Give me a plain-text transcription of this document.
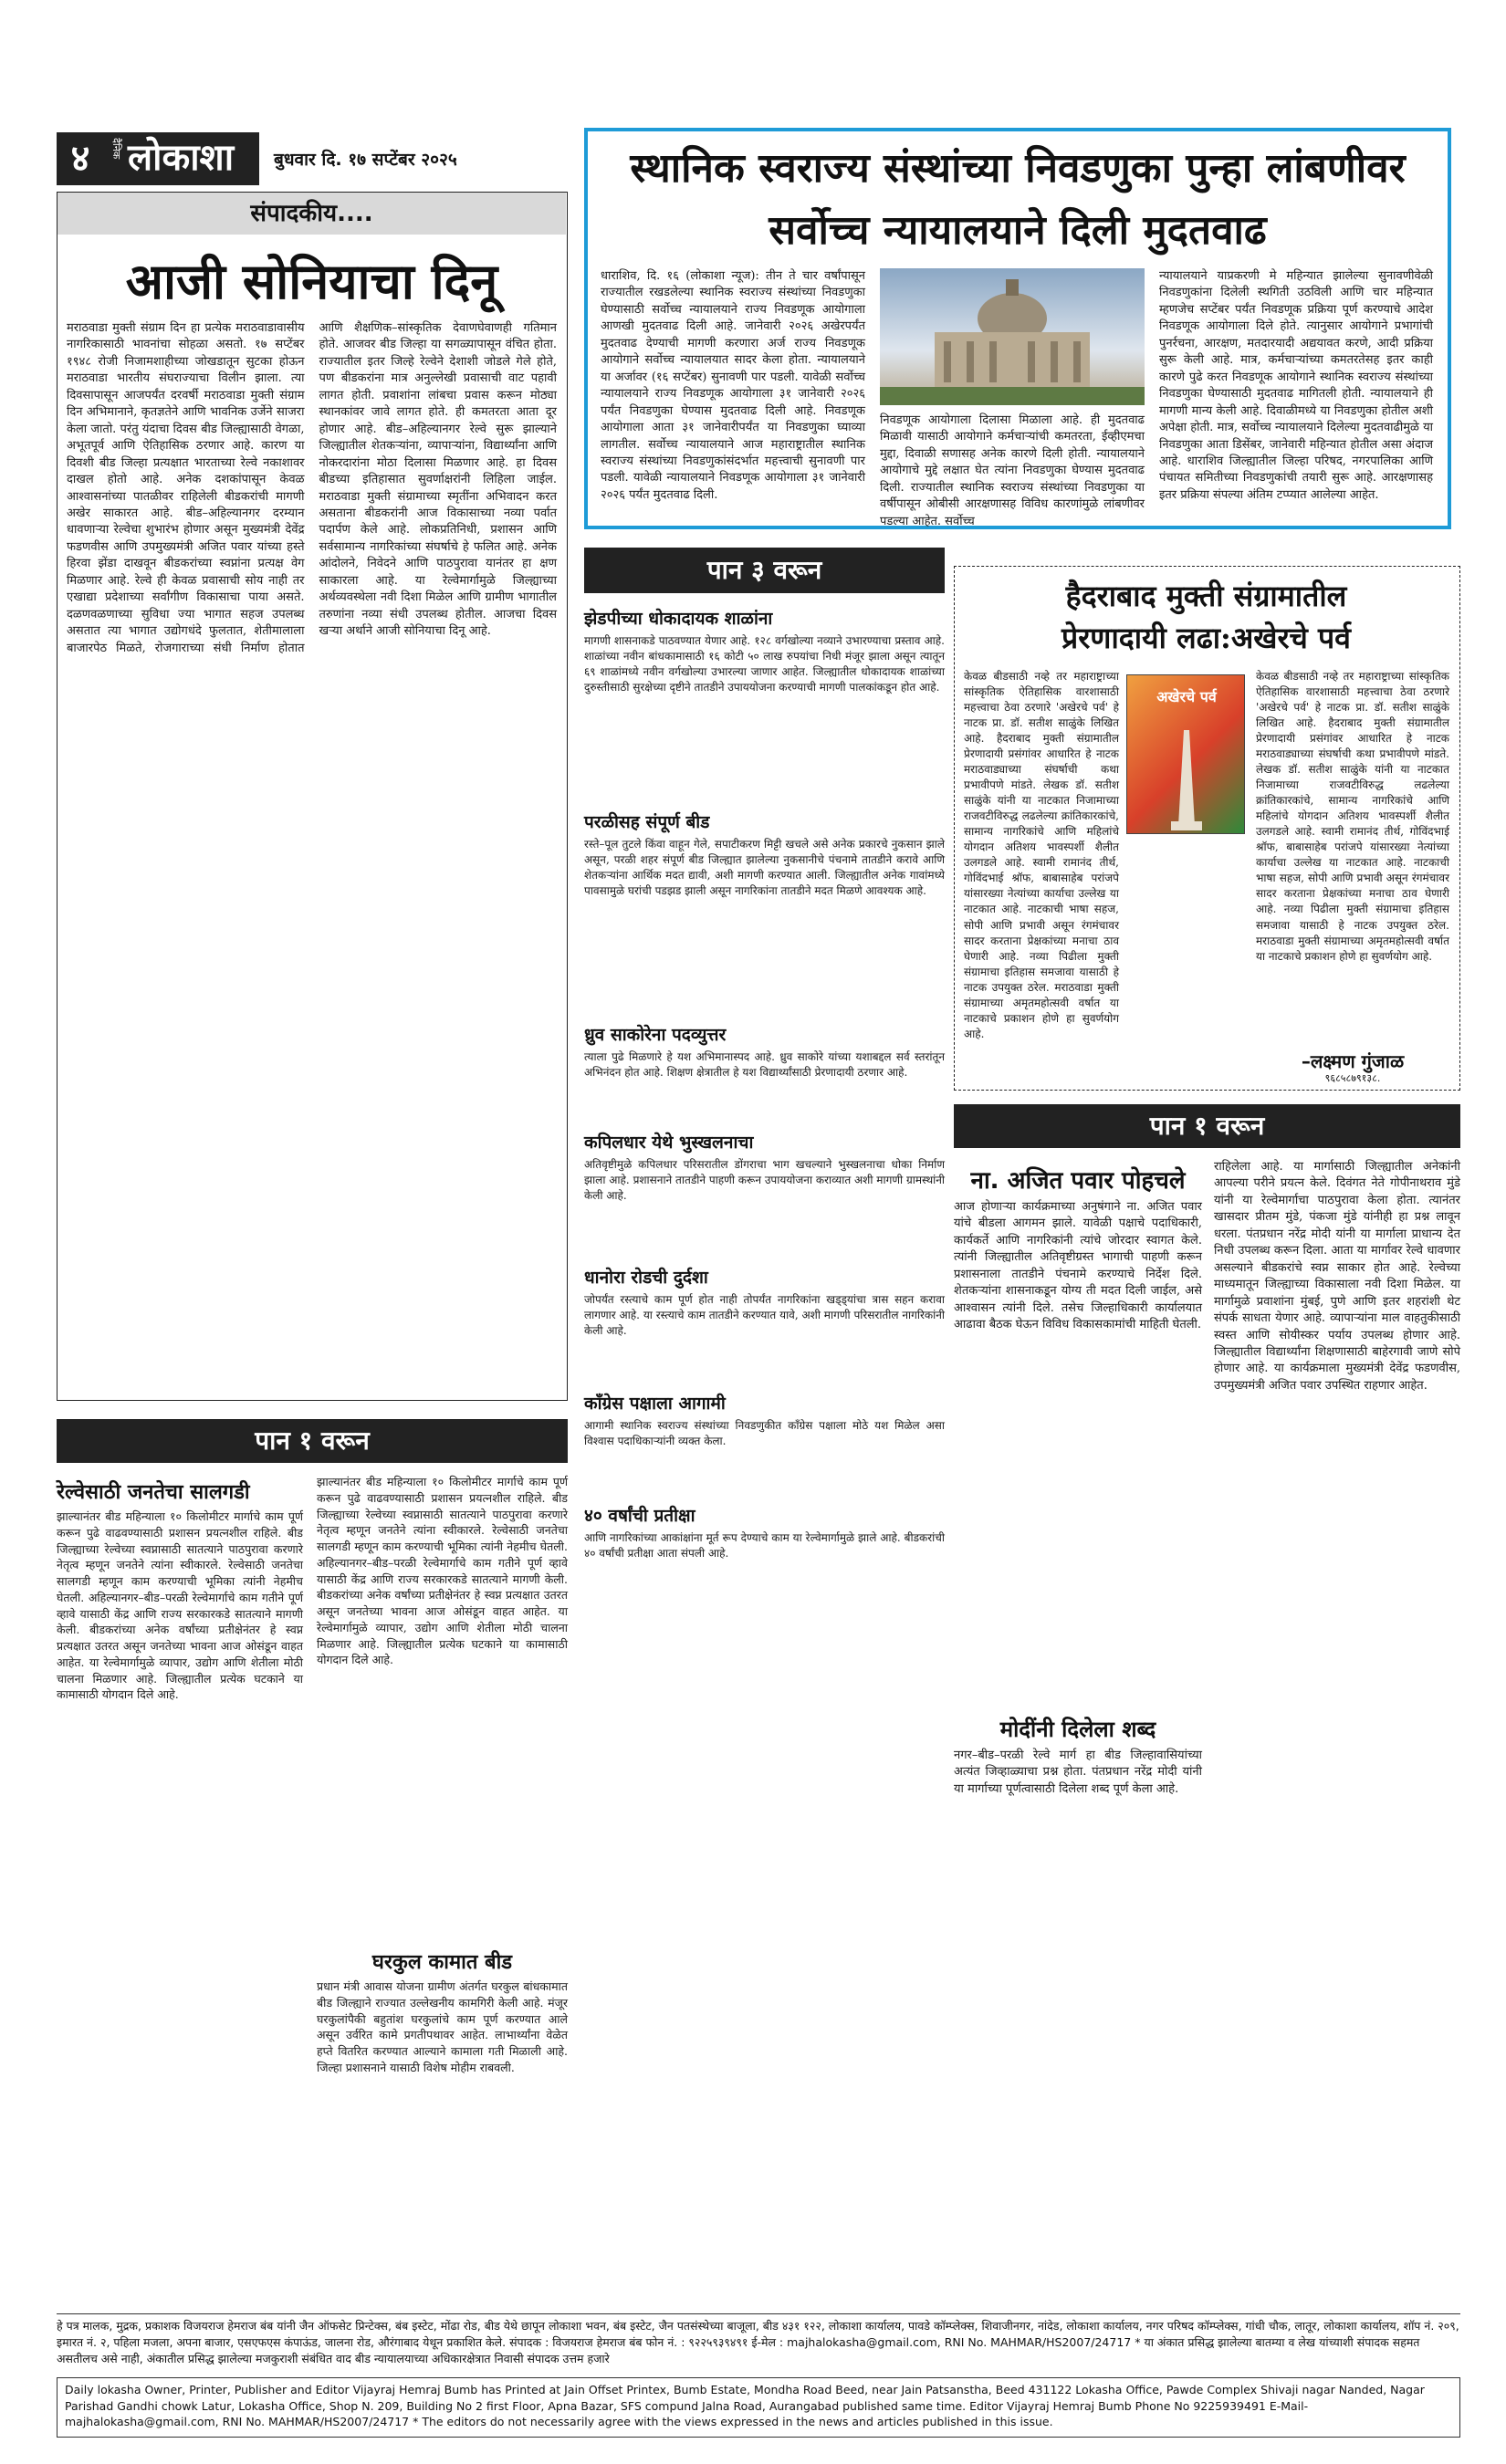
४	दैनिक लोकाशा बुधवार दि. १७ सप्टेंबर २०२५
संपादकीय....
आजी सोनियाचा दिनू
मराठवाडा मुक्ती संग्राम दिन हा प्रत्येक मराठवाडावासीय नागरिकासाठी भावनांचा सोहळा असतो. १७ सप्टेंबर १९४८ रोजी निजामशाहीच्या जोखडातून सुटका होऊन मराठवाडा भारतीय संघराज्याचा विलीन झाला. त्या दिवसापासून आजपर्यंत दरवर्षी मराठवाडा मुक्ती संग्राम दिन अभिमानाने, कृतज्ञतेने आणि भावनिक उर्जेने साजरा केला जातो. परंतु यंदाचा दिवस बीड जिल्ह्यासाठी वेगळा, अभूतपूर्व आणि ऐतिहासिक ठरणार आहे. कारण या दिवशी बीड जिल्हा प्रत्यक्षात भारताच्या रेल्वे नकाशावर दाखल होतो आहे. अनेक दशकांपासून केवळ आश्वासनांच्या पातळीवर राहिलेली बीडकरांची मागणी अखेर साकारत आहे. बीड–अहिल्यानगर दरम्यान धावणाऱ्या रेल्वेचा शुभारंभ होणार असून मुख्यमंत्री देवेंद्र फडणवीस आणि उपमुख्यमंत्री अजित पवार यांच्या हस्ते हिरवा झेंडा दाखवून बीडकरांच्या स्वप्नांना प्रत्यक्ष वेग मिळणार आहे. रेल्वे ही केवळ प्रवासाची सोय नाही तर एखाद्या प्रदेशाच्या सर्वांगीण विकासाचा पाया असते. दळणवळणाच्या सुविधा ज्या भागात सहज उपलब्ध असतात त्या भागात उद्योगधंदे फुलतात, शेतीमालाला बाजारपेठ मिळते, रोजगाराच्या संधी निर्माण होतात आणि शैक्षणिक–सांस्कृतिक देवाणघेवाणही गतिमान होते. आजवर बीड जिल्हा या सगळ्यापासून वंचित होता. राज्यातील इतर जिल्हे रेल्वेने देशाशी जोडले गेले होते, पण बीडकरांना मात्र अनुल्लेखी प्रवासाची वाट पहावी लागत होती. प्रवाशांना लांबचा प्रवास करून मोठ्या स्थानकांवर जावे लागत होते. ही कमतरता आता दूर होणार आहे. बीड–अहिल्यानगर रेल्वे सुरू झाल्याने जिल्ह्यातील शेतकऱ्यांना, व्यापाऱ्यांना, विद्यार्थ्यांना आणि नोकरदारांना मोठा दिलासा मिळणार आहे. हा दिवस बीडच्या इतिहासात सुवर्णाक्षरांनी लिहिला जाईल. मराठवाडा मुक्ती संग्रामाच्या स्मृतींना अभिवादन करत असताना बीडकरांनी आज विकासाच्या नव्या पर्वात पदार्पण केले आहे. लोकप्रतिनिधी, प्रशासन आणि सर्वसामान्य नागरिकांच्या संघर्षाचे हे फलित आहे. अनेक आंदोलने, निवेदने आणि पाठपुरावा यानंतर हा क्षण साकारला आहे. या रेल्वेमार्गामुळे जिल्ह्याच्या अर्थव्यवस्थेला नवी दिशा मिळेल आणि ग्रामीण भागातील तरुणांना नव्या संधी उपलब्ध होतील. आजचा दिवस खऱ्या अर्थाने आजी सोनियाचा दिनू आहे.
स्थानिक स्वराज्य संस्थांच्या निवडणुका पुन्हा लांबणीवर
सर्वोच्च न्यायालयाने दिली मुदतवाढ
धाराशिव, दि. १६ (लोकाशा न्यूज): तीन ते चार वर्षांपासून राज्यातील रखडलेल्या स्थानिक स्वराज्य संस्थांच्या निवडणुका घेण्यासाठी सर्वोच्च न्यायालयाने राज्य निवडणूक आयोगाला आणखी मुदतवाढ दिली आहे. जानेवारी २०२६ अखेरपर्यंत मुदतवाढ देण्याची मागणी करणारा अर्ज राज्य निवडणूक आयोगाने सर्वोच्च न्यायालयात सादर केला होता. न्यायालयाने या अर्जावर (१६ सप्टेंबर) सुनावणी पार पडली. यावेळी सर्वोच्च न्यायालयाने राज्य निवडणूक आयोगाला ३१ जानेवारी २०२६ पर्यंत निवडणुका घेण्यास मुदतवाढ दिली आहे. निवडणूक आयोगाला आता ३१ जानेवारीपर्यंत या निवडणुका घ्याव्या लागतील. सर्वोच्च न्यायालयाने आज महाराष्ट्रातील स्थानिक स्वराज्य संस्थांच्या निवडणुकांसंदर्भात महत्त्वाची सुनावणी पार पडली. यावेळी न्यायालयाने निवडणूक आयोगाला ३१ जानेवारी २०२६ पर्यंत मुदतवाढ दिली.
निवडणूक आयोगाला दिलासा मिळाला आहे. ही मुदतवाढ मिळावी यासाठी आयोगाने कर्मचाऱ्यांची कमतरता, ईव्हीएमचा मुद्दा, दिवाळी सणासह अनेक कारणे दिली होती. न्यायालयाने आयोगाचे मुद्दे लक्षात घेत त्यांना निवडणुका घेण्यास मुदतवाढ दिली. राज्यातील स्थानिक स्वराज्य संस्थांच्या निवडणुका या वर्षीपासून ओबीसी आरक्षणासह विविध कारणांमुळे लांबणीवर पडल्या आहेत. सर्वोच्च
न्यायालयाने याप्रकरणी मे महिन्यात झालेल्या सुनावणीवेळी निवडणुकांना दिलेली स्थगिती उठविली आणि चार महिन्यात म्हणजेच सप्टेंबर पर्यंत निवडणूक प्रक्रिया पूर्ण करण्याचे आदेश निवडणूक आयोगाला दिले होते. त्यानुसार आयोगाने प्रभागांची पुनर्रचना, आरक्षण, मतदारयादी अद्ययावत करणे, आदी प्रक्रिया सुरू केली आहे. मात्र, कर्मचाऱ्यांच्या कमतरतेसह इतर काही कारणे पुढे करत निवडणूक आयोगाने स्थानिक स्वराज्य संस्थांच्या निवडणुका घेण्यासाठी मुदतवाढ मागितली होती. न्यायालयाने ही मागणी मान्य केली आहे. दिवाळीमध्ये या निवडणुका होतील अशी अपेक्षा होती. मात्र, सर्वोच्च न्यायालयाने दिलेल्या मुदतवाढीमुळे या निवडणुका आता डिसेंबर, जानेवारी महिन्यात होतील असा अंदाज आहे. धाराशिव जिल्ह्यातील जिल्हा परिषद, नगरपालिका आणि पंचायत समितीच्या निवडणुकांची तयारी सुरू आहे. आरक्षणासह इतर प्रक्रिया संपल्या अंतिम टप्प्यात आलेल्या आहेत.
पान ३ वरून
झेडपीच्या धोकादायक शाळांना
मागणी शासनाकडे पाठवण्यात येणार आहे. १२८ वर्गखोल्या नव्याने उभारण्याचा प्रस्ताव आहे. शाळांच्या नवीन बांधकामासाठी १६ कोटी ५० लाख रुपयांचा निधी मंजूर झाला असून त्यातून ६९ शाळांमध्ये नवीन वर्गखोल्या उभारल्या जाणार आहेत. जिल्ह्यातील धोकादायक शाळांच्या दुरुस्तीसाठी सुरक्षेच्या दृष्टीने तातडीने उपाययोजना करण्याची मागणी पालकांकडून होत आहे.
परळीसह संपूर्ण बीड
रस्ते–पूल तुटले किंवा वाहून गेले, सपाटीकरण मिट्टी खचले असे अनेक प्रकारचे नुकसान झाले असून, परळी शहर संपूर्ण बीड जिल्ह्यात झालेल्या नुकसानीचे पंचनामे तातडीने करावे आणि शेतकऱ्यांना आर्थिक मदत द्यावी, अशी मागणी करण्यात आली. जिल्ह्यातील अनेक गावांमध्ये पावसामुळे घरांची पडझड झाली असून नागरिकांना तातडीने मदत मिळणे आवश्यक आहे.
ध्रुव साकोरेना पदव्युत्तर
त्याला पुढे मिळणारे हे यश अभिमानास्पद आहे. ध्रुव साकोरे यांच्या यशाबद्दल सर्व स्तरांतून अभिनंदन होत आहे. शिक्षण क्षेत्रातील हे यश विद्यार्थ्यांसाठी प्रेरणादायी ठरणार आहे.
कपिलधार येथे भुस्खलनाचा
अतिवृष्टीमुळे कपिलधार परिसरातील डोंगराचा भाग खचल्याने भुस्खलनाचा धोका निर्माण झाला आहे. प्रशासनाने तातडीने पाहणी करून उपाययोजना कराव्यात अशी मागणी ग्रामस्थांनी केली आहे.
धानोरा रोडची दुर्दशा
जोपर्यंत रस्त्याचे काम पूर्ण होत नाही तोपर्यंत नागरिकांना खड्ड्यांचा त्रास सहन करावा लागणार आहे. या रस्त्याचे काम तातडीने करण्यात यावे, अशी मागणी परिसरातील नागरिकांनी केली आहे.
काँग्रेस पक्षाला आगामी
आगामी स्थानिक स्वराज्य संस्थांच्या निवडणुकीत काँग्रेस पक्षाला मोठे यश मिळेल असा विश्वास पदाधिकाऱ्यांनी व्यक्त केला.
४० वर्षांची प्रतीक्षा
आणि नागरिकांच्या आकांक्षांना मूर्त रूप देण्याचे काम या रेल्वेमार्गामुळे झाले आहे. बीडकरांची ४० वर्षांची प्रतीक्षा आता संपली आहे.
हैदराबाद मुक्ती संग्रामातील
प्रेरणादायी लढा:अखेरचे पर्व
केवळ बीडसाठी नव्हे तर महाराष्ट्राच्या सांस्कृतिक ऐतिहासिक वारशासाठी महत्त्वाचा ठेवा ठरणारे 'अखेरचे पर्व' हे नाटक प्रा. डॉ. सतीश साळुंके लिखित आहे. हैदराबाद मुक्ती संग्रामातील प्रेरणादायी प्रसंगांवर आधारित हे नाटक मराठवाड्याच्या संघर्षाची कथा प्रभावीपणे मांडते. लेखक डॉ. सतीश साळुंके यांनी या नाटकात निजामाच्या राजवटीविरुद्ध लढलेल्या क्रांतिकारकांचे, सामान्य नागरिकांचे आणि महिलांचे योगदान अतिशय भावस्पर्शी शैलीत उलगडले आहे. स्वामी रामानंद तीर्थ, गोविंदभाई श्रॉफ, बाबासाहेब परांजपे यांसारख्या नेत्यांच्या कार्याचा उल्लेख या नाटकात आहे. नाटकाची भाषा सहज, सोपी आणि प्रभावी असून रंगमंचावर सादर करताना प्रेक्षकांच्या मनाचा ठाव घेणारी आहे. नव्या पिढीला मुक्ती संग्रामाचा इतिहास समजावा यासाठी हे नाटक उपयुक्त ठरेल. मराठवाडा मुक्ती संग्रामाच्या अमृतमहोत्सवी वर्षात या नाटकाचे प्रकाशन होणे हा सुवर्णयोग आहे.
अखेरचे पर्व
केवळ बीडसाठी नव्हे तर महाराष्ट्राच्या सांस्कृतिक ऐतिहासिक वारशासाठी महत्त्वाचा ठेवा ठरणारे 'अखेरचे पर्व' हे नाटक प्रा. डॉ. सतीश साळुंके लिखित आहे. हैदराबाद मुक्ती संग्रामातील प्रेरणादायी प्रसंगांवर आधारित हे नाटक मराठवाड्याच्या संघर्षाची कथा प्रभावीपणे मांडते. लेखक डॉ. सतीश साळुंके यांनी या नाटकात निजामाच्या राजवटीविरुद्ध लढलेल्या क्रांतिकारकांचे, सामान्य नागरिकांचे आणि महिलांचे योगदान अतिशय भावस्पर्शी शैलीत उलगडले आहे. स्वामी रामानंद तीर्थ, गोविंदभाई श्रॉफ, बाबासाहेब परांजपे यांसारख्या नेत्यांच्या कार्याचा उल्लेख या नाटकात आहे. नाटकाची भाषा सहज, सोपी आणि प्रभावी असून रंगमंचावर सादर करताना प्रेक्षकांच्या मनाचा ठाव घेणारी आहे. नव्या पिढीला मुक्ती संग्रामाचा इतिहास समजावा यासाठी हे नाटक उपयुक्त ठरेल. मराठवाडा मुक्ती संग्रामाच्या अमृतमहोत्सवी वर्षात या नाटकाचे प्रकाशन होणे हा सुवर्णयोग आहे.
–लक्ष्मण गुंजाळ
९६८५८७९१३८.
पान १ वरून
रेल्वेसाठी जनतेचा सालगडी
झाल्यानंतर बीड महिन्याला १० किलोमीटर मार्गाचे काम पूर्ण करून पुढे वाढवण्यासाठी प्रशासन प्रयत्नशील राहिले. बीड जिल्ह्याच्या रेल्वेच्या स्वप्नासाठी सातत्याने पाठपुरावा करणारे नेतृत्व म्हणून जनतेने त्यांना स्वीकारले. रेल्वेसाठी जनतेचा सालगडी म्हणून काम करण्याची भूमिका त्यांनी नेहमीच घेतली. अहिल्यानगर–बीड–परळी रेल्वेमार्गाचे काम गतीने पूर्ण व्हावे यासाठी केंद्र आणि राज्य सरकारकडे सातत्याने मागणी केली. बीडकरांच्या अनेक वर्षांच्या प्रतीक्षेनंतर हे स्वप्न प्रत्यक्षात उतरत असून जनतेच्या भावना आज ओसंडून वाहत आहेत. या रेल्वेमार्गामुळे व्यापार, उद्योग आणि शेतीला मोठी चालना मिळणार आहे. जिल्ह्यातील प्रत्येक घटकाने या कामासाठी योगदान दिले आहे.
झाल्यानंतर बीड महिन्याला १० किलोमीटर मार्गाचे काम पूर्ण करून पुढे वाढवण्यासाठी प्रशासन प्रयत्नशील राहिले. बीड जिल्ह्याच्या रेल्वेच्या स्वप्नासाठी सातत्याने पाठपुरावा करणारे नेतृत्व म्हणून जनतेने त्यांना स्वीकारले. रेल्वेसाठी जनतेचा सालगडी म्हणून काम करण्याची भूमिका त्यांनी नेहमीच घेतली. अहिल्यानगर–बीड–परळी रेल्वेमार्गाचे काम गतीने पूर्ण व्हावे यासाठी केंद्र आणि राज्य सरकारकडे सातत्याने मागणी केली. बीडकरांच्या अनेक वर्षांच्या प्रतीक्षेनंतर हे स्वप्न प्रत्यक्षात उतरत असून जनतेच्या भावना आज ओसंडून वाहत आहेत. या रेल्वेमार्गामुळे व्यापार, उद्योग आणि शेतीला मोठी चालना मिळणार आहे. जिल्ह्यातील प्रत्येक घटकाने या कामासाठी योगदान दिले आहे.
घरकुल कामात बीड
प्रधान मंत्री आवास योजना ग्रामीण अंतर्गत घरकुल बांधकामात बीड जिल्ह्याने राज्यात उल्लेखनीय कामगिरी केली आहे. मंजूर घरकुलांपैकी बहुतांश घरकुलांचे काम पूर्ण करण्यात आले असून उर्वरित कामे प्रगतीपथावर आहेत. लाभार्थ्यांना वेळेत हप्ते वितरित करण्यात आल्याने कामाला गती मिळाली आहे. जिल्हा प्रशासनाने यासाठी विशेष मोहीम राबवली.
पान १ वरून
ना. अजित पवार पोहचले
आज होणाऱ्या कार्यक्रमाच्या अनुषंगाने ना. अजित पवार यांचे बीडला आगमन झाले. यावेळी पक्षाचे पदाधिकारी, कार्यकर्ते आणि नागरिकांनी त्यांचे जोरदार स्वागत केले. त्यांनी जिल्ह्यातील अतिवृष्टीग्रस्त भागाची पाहणी करून प्रशासनाला तातडीने पंचनामे करण्याचे निर्देश दिले. शेतकऱ्यांना शासनाकडून योग्य ती मदत दिली जाईल, असे आश्वासन त्यांनी दिले. तसेच जिल्हाधिकारी कार्यालयात आढावा बैठक घेऊन विविध विकासकामांची माहिती घेतली.
मोदींनी दिलेला शब्द
नगर–बीड–परळी रेल्वे मार्ग हा बीड जिल्हावासियांच्या अत्यंत जिव्हाळ्याचा प्रश्न होता. पंतप्रधान नरेंद्र मोदी यांनी या मार्गाच्या पूर्णत्वासाठी दिलेला शब्द पूर्ण केला आहे.
राहिलेला आहे. या मार्गासाठी जिल्ह्यातील अनेकांनी आपल्या परीने प्रयत्न केले. दिवंगत नेते गोपीनाथराव मुंडे यांनी या रेल्वेमार्गाचा पाठपुरावा केला होता. त्यानंतर खासदार प्रीतम मुंडे, पंकजा मुंडे यांनीही हा प्रश्न लावून धरला. पंतप्रधान नरेंद्र मोदी यांनी या मार्गाला प्राधान्य देत निधी उपलब्ध करून दिला. आता या मार्गावर रेल्वे धावणार असल्याने बीडकरांचे स्वप्न साकार होत आहे. रेल्वेच्या माध्यमातून जिल्ह्याच्या विकासाला नवी दिशा मिळेल. या मार्गामुळे प्रवाशांना मुंबई, पुणे आणि इतर शहरांशी थेट संपर्क साधता येणार आहे. व्यापाऱ्यांना माल वाहतुकीसाठी स्वस्त आणि सोयीस्कर पर्याय उपलब्ध होणार आहे. जिल्ह्यातील विद्यार्थ्यांना शिक्षणासाठी बाहेरगावी जाणे सोपे होणार आहे. या कार्यक्रमाला मुख्यमंत्री देवेंद्र फडणवीस, उपमुख्यमंत्री अजित पवार उपस्थित राहणार आहेत.
हे पत्र मालक, मुद्रक, प्रकाशक विजयराज हेमराज बंब यांनी जैन ऑफसेट प्रिन्टेक्स, बंब इस्टेट, मोंढा रोड, बीड येथे छापून लोकाशा भवन, बंब इस्टेट, जैन पतसंस्थेच्या बाजूला, बीड ४३१ १२२, लोकाशा कार्यालय, पावडे कॉम्प्लेक्स, शिवाजीनगर, नांदेड, लोकाशा कार्यालय, नगर परिषद कॉम्प्लेक्स, गांधी चौक, लातूर, लोकाशा कार्यालय, शॉप नं. २०९, इमारत नं. २, पहिला मजला, अपना बाजार, एसएफएस कंपाऊंड, जालना रोड, औरंगाबाद येथून प्रकाशित केले. संपादक : विजयराज हेमराज बंब फोन नं. : ९२२५९३९४९१ ई-मेल : majhalokasha@gmail.com, RNI No. MAHMAR/HS2007/24717 * या अंकात प्रसिद्ध झालेल्या बातम्या व लेख यांच्याशी संपादक सहमत असतीलच असे नाही, अंकातील प्रसिद्ध झालेल्या मजकुराशी संबंधित वाद बीड न्यायालयाच्या अधिकारक्षेत्रात निवासी संपादक उत्तम हजारे
Daily lokasha Owner, Printer, Publisher and Editor Vijayraj Hemraj Bumb has Printed at Jain Offset Printex, Bumb Estate, Mondha Road Beed, near Jain Patsanstha, Beed 431122 Lokasha Office, Pawde Complex Shivaji nagar Nanded, Nagar Parishad Gandhi chowk Latur, Lokasha Office, Shop N. 209, Building No 2 first Floor, Apna Bazar, SFS compund Jalna Road, Aurangabad published same time. Editor Vijayraj Hemraj Bumb Phone No 9225939491 E-Mail- majhalokasha@gmail.com, RNI No. MAHMAR/HS2007/24717 * The editors do not necessarily agree with the views expressed in the news and articles published in this issue.
